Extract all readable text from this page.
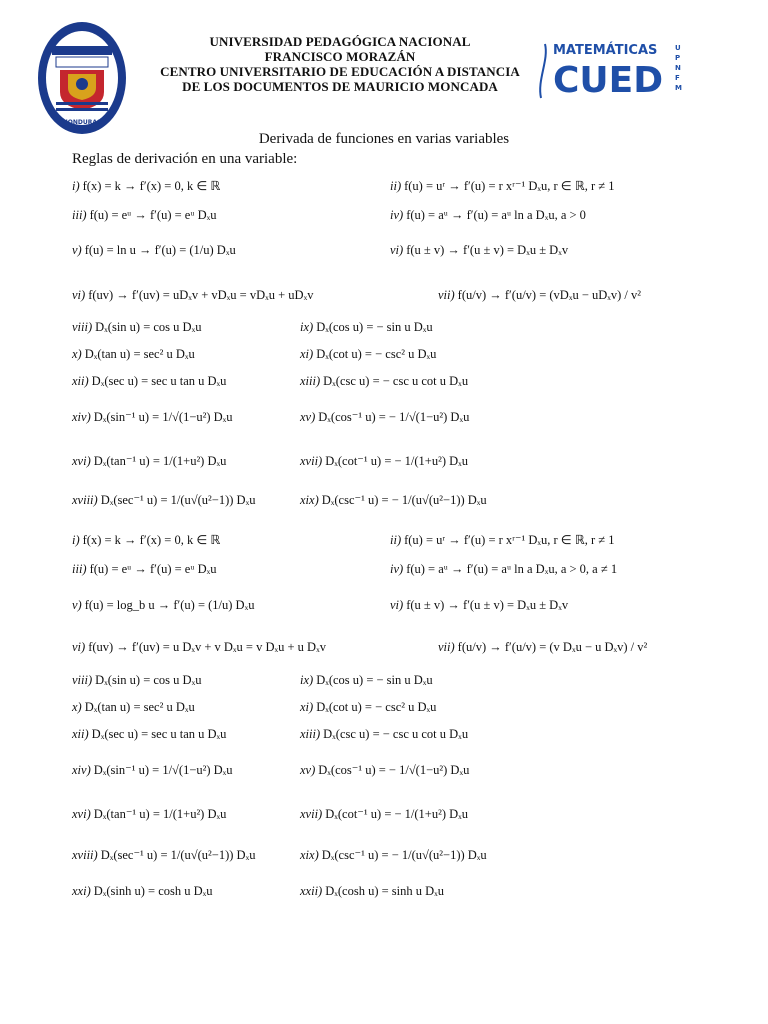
HONDURAS
1956
UNIVERSIDAD PEDAGÓGICA NACIONAL
FRANCISCO MORAZÁN
CENTRO UNIVERSITARIO DE EDUCACIÓN A DISTANCIA
DE LOS DOCUMENTOS DE MAURICIO MONCADA
MATEMÁTICAS
CUED
U
P
N
F
M
Derivada de funciones en varias variables
Reglas de derivación en una variable:
i) f(x) = k → f′(x) = 0, k ∈ ℝ	ii) f(u) = uʳ → f′(u) = r xʳ⁻¹ Dₓu, r ∈ ℝ, r ≠ 1
iii) f(u) = eᵘ → f′(u) = eᵘ Dₓu	iv) f(u) = aᵘ → f′(u) = aᵘ ln a Dₓu, a > 0
v) f(u) = ln u → f′(u) = (1/u) Dₓu	vi) f(u ± v) → f′(u ± v) = Dₓu ± Dₓv
vi) f(uv) → f′(uv) = uDₓv + vDₓu = vDₓu + uDₓv	vii) f(u/v) → f′(u/v) = (vDₓu − uDₓv) / v²
viii) Dₓ(sin u) = cos u Dₓu	ix) Dₓ(cos u) = − sin u Dₓu
x) Dₓ(tan u) = sec² u Dₓu	xi) Dₓ(cot u) = − csc² u Dₓu
xii) Dₓ(sec u) = sec u tan u Dₓu	xiii) Dₓ(csc u) = − csc u cot u Dₓu
xiv) Dₓ(sin⁻¹ u) = 1/√(1−u²) Dₓu	xv) Dₓ(cos⁻¹ u) = − 1/√(1−u²) Dₓu
xvi) Dₓ(tan⁻¹ u) = 1/(1+u²) Dₓu	xvii) Dₓ(cot⁻¹ u) = − 1/(1+u²) Dₓu
xviii) Dₓ(sec⁻¹ u) = 1/(u√(u²−1)) Dₓu	xix) Dₓ(csc⁻¹ u) = − 1/(u√(u²−1)) Dₓu
i) f(x) = k → f′(x) = 0, k ∈ ℝ	ii) f(u) = uʳ → f′(u) = r xʳ⁻¹ Dₓu, r ∈ ℝ, r ≠ 1
iii) f(u) = eᵘ → f′(u) = eᵘ Dₓu	iv) f(u) = aᵘ → f′(u) = aᵘ ln a Dₓu, a > 0, a ≠ 1
v) f(u) = log_b u → f′(u) = (1/u) Dₓu	vi) f(u ± v) → f′(u ± v) = Dₓu ± Dₓv
vi) f(uv) → f′(uv) = u Dₓv + v Dₓu = v Dₓu + u Dₓv	vii) f(u/v) → f′(u/v) = (v Dₓu − u Dₓv) / v²
viii) Dₓ(sin u) = cos u Dₓu	ix) Dₓ(cos u) = − sin u Dₓu
x) Dₓ(tan u) = sec² u Dₓu	xi) Dₓ(cot u) = − csc² u Dₓu
xii) Dₓ(sec u) = sec u tan u Dₓu	xiii) Dₓ(csc u) = − csc u cot u Dₓu
xiv) Dₓ(sin⁻¹ u) = 1/√(1−u²) Dₓu	xv) Dₓ(cos⁻¹ u) = − 1/√(1−u²) Dₓu
xvi) Dₓ(tan⁻¹ u) = 1/(1+u²) Dₓu	xvii) Dₓ(cot⁻¹ u) = − 1/(1+u²) Dₓu
xviii) Dₓ(sec⁻¹ u) = 1/(u√(u²−1)) Dₓu	xix) Dₓ(csc⁻¹ u) = − 1/(u√(u²−1)) Dₓu
xxi) Dₓ(sinh u) = cosh u Dₓu	xxii) Dₓ(cosh u) = sinh u Dₓu
